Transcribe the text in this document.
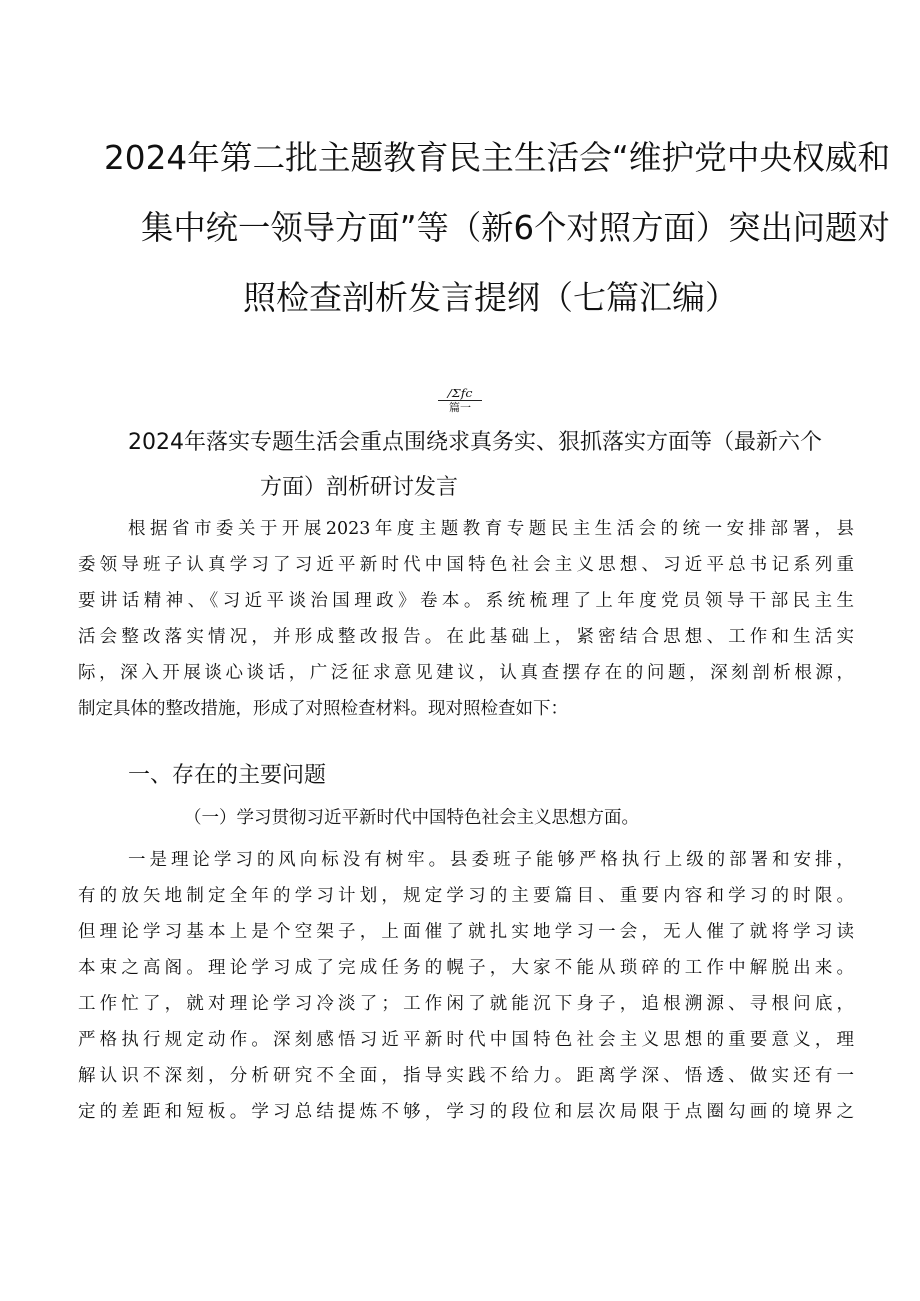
2024年第二批主题教育民主生活会“维护党中央权威和
集中统一领导方面”等（新6个对照方面）突出问题对
照检查剖析发言提纲（七篇汇编）
∕Σfc
篇一
2024年落实专题生活会重点围绕求真务实、狠抓落实方面等（最新六个
方面）剖析研讨发言
根据省市委关于开展2023年度主题教育专题民主生活会的统一安排部署，县
委领导班子认真学习了习近平新时代中国特色社会主义思想、习近平总书记系列重
要讲话精神、《习近平谈治国理政》卷本。系统梳理了上年度党员领导干部民主生
活会整改落实情况，并形成整改报告。在此基础上，紧密结合思想、工作和生活实
际，深入开展谈心谈话，广泛征求意见建议，认真查摆存在的问题，深刻剖析根源，
制定具体的整改措施，形成了对照检查材料。现对照检查如下：
一、存在的主要问题
（一）学习贯彻习近平新时代中国特色社会主义思想方面。
一是理论学习的风向标没有树牢。县委班子能够严格执行上级的部署和安排，
有的放矢地制定全年的学习计划，规定学习的主要篇目、重要内容和学习的时限。
但理论学习基本上是个空架子，上面催了就扎实地学习一会，无人催了就将学习读
本束之高阁。理论学习成了完成任务的幌子，大家不能从琐碎的工作中解脱出来。
工作忙了，就对理论学习冷淡了；工作闲了就能沉下身子，追根溯源、寻根问底，
严格执行规定动作。深刻感悟习近平新时代中国特色社会主义思想的重要意义，理
解认识不深刻，分析研究不全面，指导实践不给力。距离学深、悟透、做实还有一
定的差距和短板。学习总结提炼不够，学习的段位和层次局限于点圈勾画的境界之
